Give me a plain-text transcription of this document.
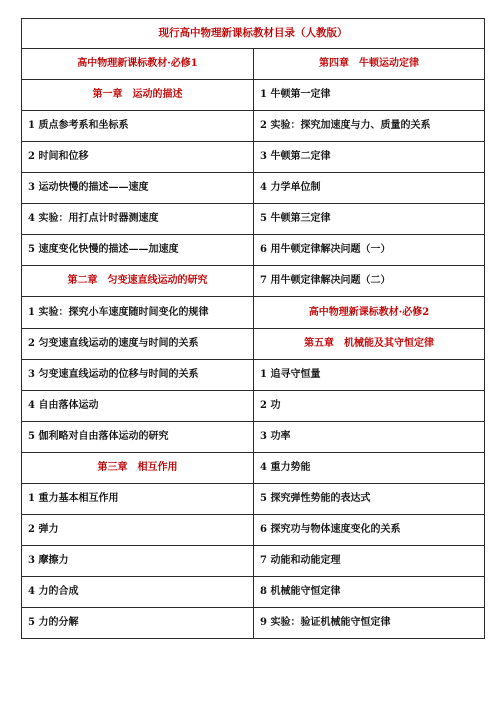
现行高中物理新课标教材目录（人教版）	
高中物理新课标教材·必修1	第四章　牛顿运动定律
第一章　运动的描述	1 牛顿第一定律
1 质点参考系和坐标系	2 实验：探究加速度与力、质量的关系
2 时间和位移	3 牛顿第二定律
3 运动快慢的描述——速度	4 力学单位制
4 实验：用打点计时器测速度	5 牛顿第三定律
5 速度变化快慢的描述——加速度	6 用牛顿定律解决问题（一）
第二章　匀变速直线运动的研究	7 用牛顿定律解决问题（二）
1 实验：探究小车速度随时间变化的规律	高中物理新课标教材·必修2
2 匀变速直线运动的速度与时间的关系	第五章　机械能及其守恒定律
3 匀变速直线运动的位移与时间的关系	1 追寻守恒量
4 自由落体运动	2 功
5 伽利略对自由落体运动的研究	3 功率
第三章　相互作用	4 重力势能
1 重力基本相互作用	5 探究弹性势能的表达式
2 弹力	6 探究功与物体速度变化的关系
3 摩擦力	7 动能和动能定理
4 力的合成	8 机械能守恒定律
5 力的分解	9 实验：验证机械能守恒定律
